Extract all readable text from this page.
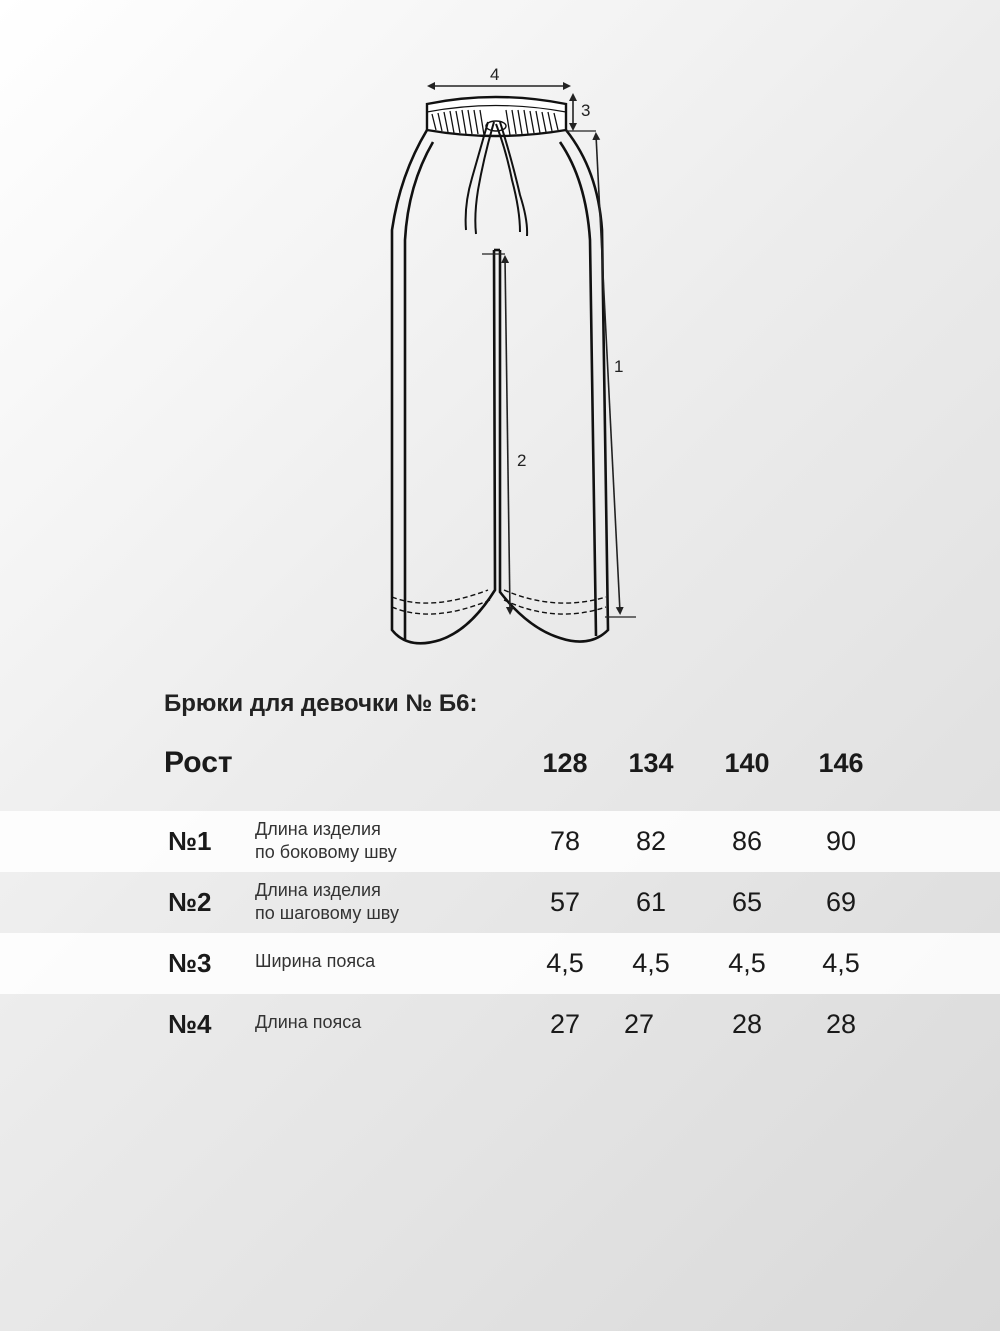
4
3
1
2
Брюки для девочки № Б6:
Рост	128	134	140	146
№1 Длина изделия
по боковому шву	78	82	86	90
№2 Длина изделия
по шаговому шву	57	61	65	69
№3 Ширина пояса	4,5	4,5	4,5	4,5
№4 Длина пояса	27	27	28	28
